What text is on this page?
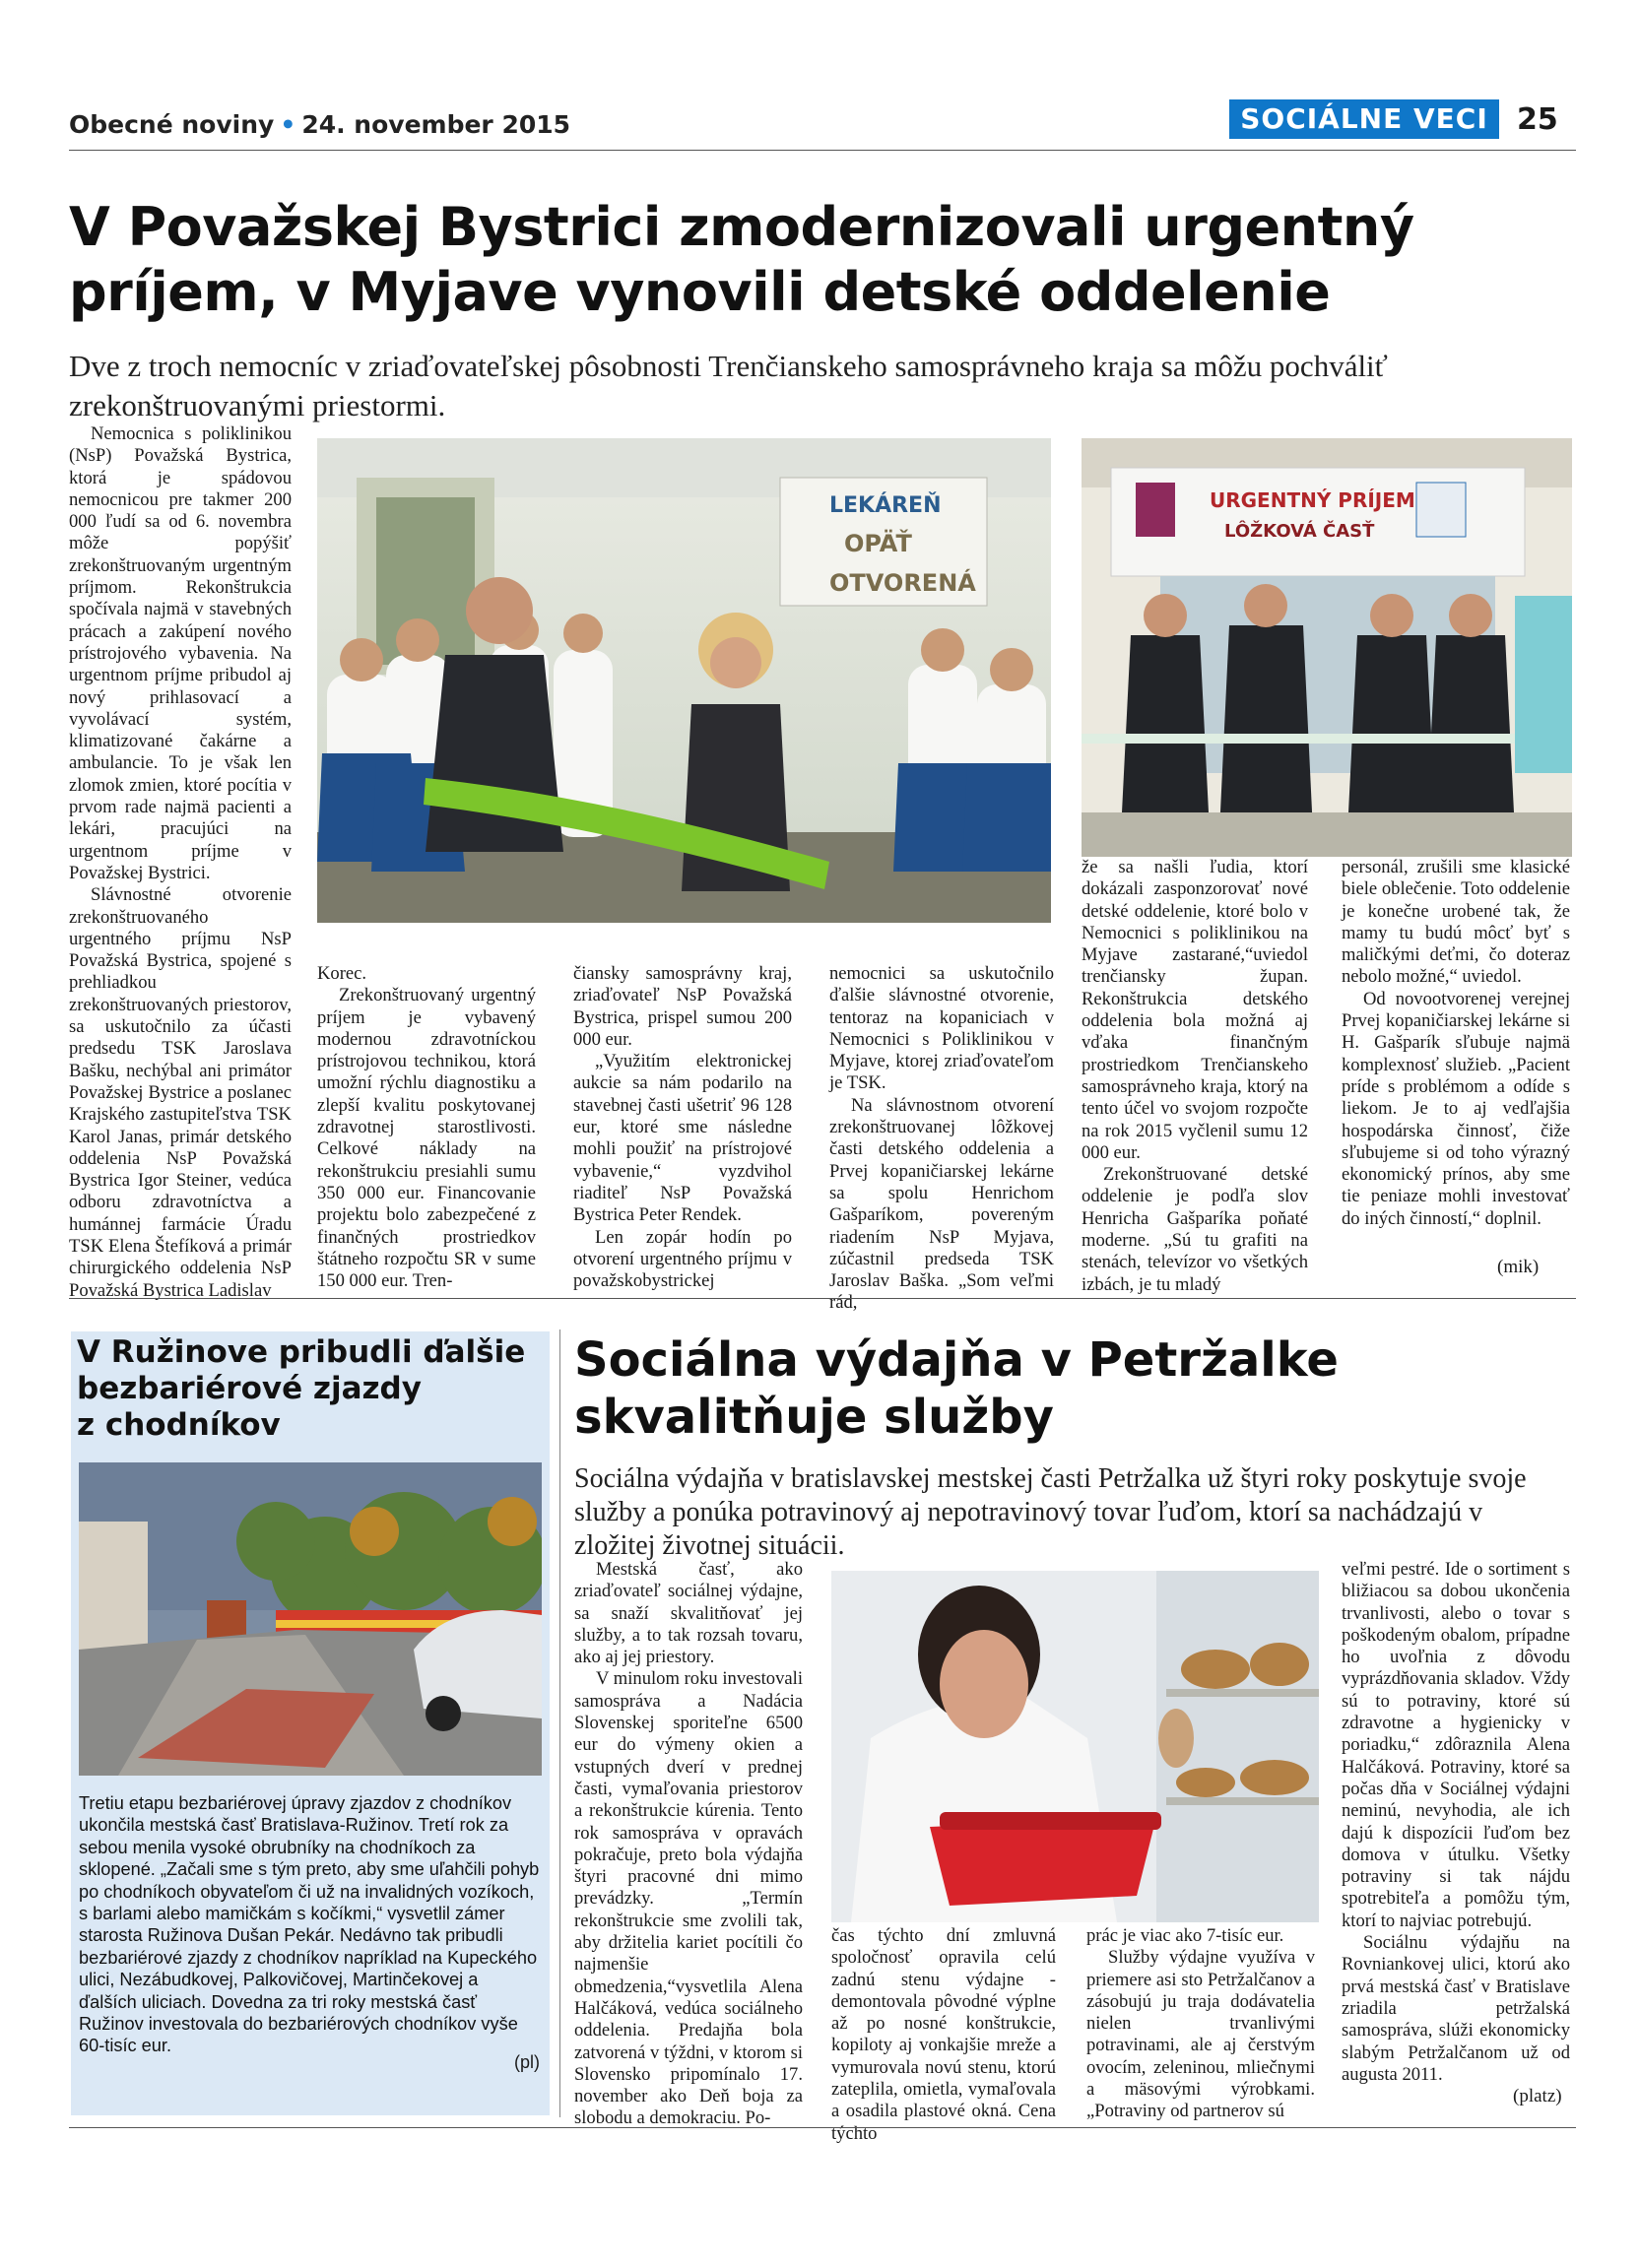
Obecné noviny • 24. november 2015	SOCIÁLNE VECI 25
V Považskej Bystrici zmodernizovali urgentný
príjem, v Myjave vynovili detské oddelenie
Dve z troch nemocníc v zriaďovateľskej pôsobnosti Trenčianskeho samosprávneho kraja sa môžu pochváliť zrekonštruovanými priestormi.

Nemocnica s poliklinikou (NsP) Považská Bystrica, ktorá je spádovou nemocnicou pre takmer 200 000 ľudí sa od 6. novembra môže popýšiť zrekonštruovaným urgentným príjmom. Rekonštrukcia spočívala najmä v stavebných prácach a zakúpení nového prístrojového vybavenia. Na urgentnom príjme pribudol aj nový prihlasovací a vyvolávací systém, klimatizované čakárne a ambulancie. To je však len zlomok zmien, ktoré pocítia v prvom rade najmä pacienti a lekári, pracujúci na urgentnom príjme v Považskej Bystrici.

Slávnostné otvorenie zrekonštruovaného urgentného príjmu NsP Považská Bystrica, spojené s prehliadkou zrekonštruovaných priestorov, sa uskutočnilo za účasti predsedu TSK Jaroslava Bašku, nechýbal ani primátor Považskej Bystrice a poslanec Krajského zastupiteľstva TSK Karol Janas, primár detského oddelenia NsP Považská Bystrica Igor Steiner, vedúca odboru zdravotníctva a humánnej farmácie Úradu TSK Elena Štefíková a primár chirurgického oddelenia NsP Považská Bystrica Ladislav

LEKÁREŇ
OPÄŤ
OTVORENÁ
URGENTNÝ PRÍJEM
LÔŽKOVÁ ČASŤ

Korec.

Zrekonštruovaný urgentný príjem je vybavený modernou zdravotníckou prístrojovou technikou, ktorá umožní rýchlu diagnostiku a zlepší kvalitu poskytovanej zdravotnej starostlivosti. Celkové náklady na rekonštrukciu presiahli sumu 350 000 eur. Financovanie projektu bolo zabezpečené z finančných prostriedkov štátneho rozpočtu SR v sume 150 000 eur. Tren-

čiansky samosprávny kraj, zriaďovateľ NsP Považská Bystrica, prispel sumou 200 000 eur.

„Využitím elektronickej aukcie sa nám podarilo na stavebnej časti ušetriť 96 128 eur, ktoré sme následne mohli použiť na prístrojové vybavenie,“ vyzdvihol riaditeľ NsP Považská Bystrica Peter Rendek.

Len zopár hodín po otvorení urgentného príjmu v považskobystrickej

nemocnici sa uskutočnilo ďalšie slávnostné otvorenie, tentoraz na kopaniciach v Nemocnici s Poliklinikou v Myjave, ktorej zriaďovateľom je TSK.

Na slávnostnom otvorení zrekonštruovanej lôžkovej časti detského oddelenia a Prvej kopaničiarskej lekárne sa spolu Henrichom Gašparíkom, povereným riadením NsP Myjava, zúčastnil predseda TSK Jaroslav Baška. „Som veľmi rád,

že sa našli ľudia, ktorí dokázali zasponzorovať nové detské oddelenie, ktoré bolo v Nemocnici s poliklinikou na Myjave zastarané,“uviedol trenčiansky župan. Rekonštrukcia detského oddelenia bola možná aj vďaka finančným prostriedkom Trenčianskeho samosprávneho kraja, ktorý na tento účel vo svojom rozpočte na rok 2015 vyčlenil sumu 12 000 eur.

Zrekonštruované detské oddelenie je podľa slov Henricha Gašparíka poňaté moderne. „Sú tu grafiti na stenách, televízor vo všetkých izbách, je tu mladý

personál, zrušili sme klasické biele oblečenie. Toto oddelenie je konečne urobené tak, že mamy tu budú môcť byť s maličkými deťmi, čo doteraz nebolo možné,“ uviedol.

Od novootvorenej verejnej Prvej kopaničiarskej lekárne si H. Gašparík sľubuje najmä komplexnosť služieb. „Pacient príde s problémom a odíde s liekom. Je to aj vedľajšia hospodárska činnosť, čiže sľubujeme si od toho výrazný ekonomický prínos, aby sme tie peniaze mohli investovať do iných činností,“ doplnil.

(mik)
V Ružinove pribudli ďalšie
bezbariérové zjazdy
z chodníkov
Tretiu etapu bezbariérovej úpravy zjazdov z chodníkov ukončila mestská časť Bratislava-Ružinov. Tretí rok za sebou menila vysoké obrubníky na chodníkoch za sklopené. „Začali sme s tým preto, aby sme uľahčili pohyb po chodníkoch obyvateľom či už na invalidných vozíkoch, s barlami alebo mamičkám s kočíkmi,“ vysvetlil zámer starosta Ružinova Dušan Pekár. Nedávno tak pribudli bezbariérové zjazdy z chodníkov napríklad na Kupeckého ulici, Nezábudkovej, Palkovičovej, Martinčekovej a ďalších uliciach. Dovedna za tri roky mestská časť Ružinov investovala do bezbariérových chodníkov vyše 60-tisíc eur.
(pl)
Sociálna výdajňa v Petržalke
skvalitňuje služby
Sociálna výdajňa v bratislavskej mestskej časti Petržalka už štyri roky poskytuje svoje služby a ponúka potravinový aj nepotravinový tovar ľuďom, ktorí sa nachádzajú v zložitej životnej situácii.

Mestská časť, ako zriaďovateľ sociálnej výdajne, sa snaží skvalitňovať jej služby, a to tak rozsah tovaru, ako aj jej priestory.

V minulom roku investovali samospráva a Nadácia Slovenskej sporiteľne 6500 eur do výmeny okien a vstupných dverí v prednej časti, vymaľovania priestorov a rekonštrukcie kúrenia. Tento rok samospráva v opravách pokračuje, preto bola výdajňa štyri pracovné dni mimo prevádzky. „Termín rekonštrukcie sme zvolili tak, aby držitelia kariet pocítili čo najmenšie obmedzenia,“vysvetlila Alena Halčáková, vedúca sociálneho oddelenia. Predajňa bola zatvorená v týždni, v ktorom si Slovensko pripomínalo 17. november ako Deň boja za slobodu a demokraciu. Po-

čas týchto dní zmluvná spoločnosť opravila celú zadnú stenu výdajne - demontovala pôvodné výplne až po nosné konštrukcie, kopiloty aj vonkajšie mreže a vymurovala novú stenu, ktorú zateplila, omietla, vymaľovala a osadila plastové okná. Cena týchto

prác je viac ako 7-tisíc eur.

Služby výdajne využíva v priemere asi sto Petržalčanov a zásobujú ju traja dodávatelia nielen trvanlivými potravinami, ale aj čerstvým ovocím, zeleninou, mliečnymi a mäsovými výrobkami. „Potraviny od partnerov sú

veľmi pestré. Ide o sortiment s bližiacou sa dobou ukončenia trvanlivosti, alebo o tovar s poškodeným obalom, prípadne ho uvoľnia z dôvodu vyprázdňovania skladov. Vždy sú to potraviny, ktoré sú zdravotne a hygienicky v poriadku,“ zdôraznila Alena Halčáková. Potraviny, ktoré sa počas dňa v Sociálnej výdajni neminú, nevyhodia, ale ich dajú k dispozícii ľuďom bez domova v útulku. Všetky potraviny si tak nájdu spotrebiteľa a pomôžu tým, ktorí to najviac potrebujú.

Sociálnu výdajňu na Rovniankovej ulici, ktorú ako prvá mestská časť v Bratislave zriadila petržalská samospráva, slúži ekonomicky slabým Petržalčanom už od augusta 2011.

(platz)
